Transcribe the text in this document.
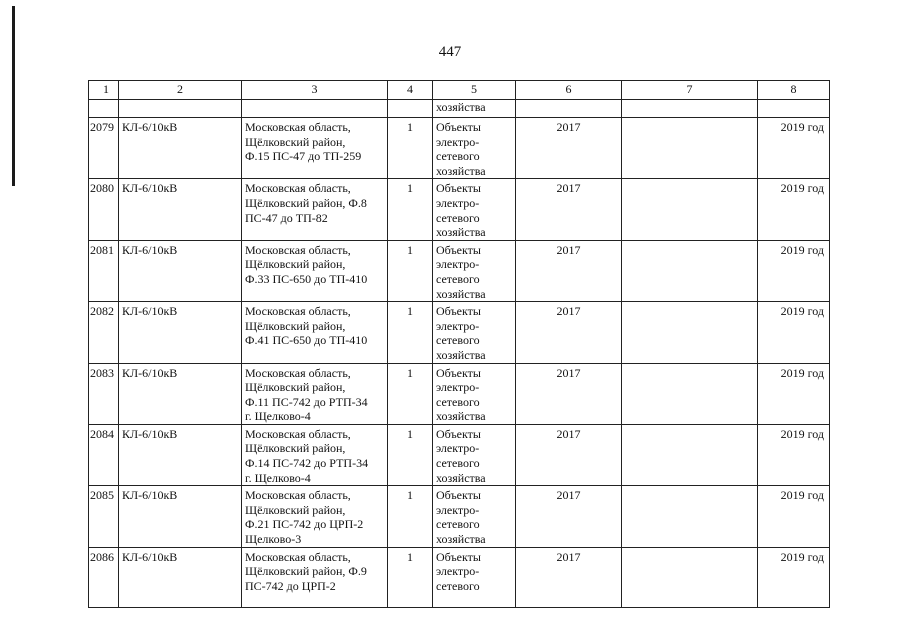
447
1	2	3	4	5	6	7	8
				хозяйства			
2079	КЛ-6/10кВ	Московская область,
Щёлковский район,
Ф.15 ПС-47 до ТП-259	1	Объекты
электро-
сетевого
хозяйства	2017		2019 год
2080	КЛ-6/10кВ	Московская область,
Щёлковский район, Ф.8
ПС-47 до ТП-82	1	Объекты
электро-
сетевого
хозяйства	2017		2019 год
2081	КЛ-6/10кВ	Московская область,
Щёлковский район,
Ф.33 ПС-650 до ТП-410	1	Объекты
электро-
сетевого
хозяйства	2017		2019 год
2082	КЛ-6/10кВ	Московская область,
Щёлковский район,
Ф.41 ПС-650 до ТП-410	1	Объекты
электро-
сетевого
хозяйства	2017		2019 год
2083	КЛ-6/10кВ	Московская область,
Щёлковский район,
Ф.11 ПС-742 до РТП-34
г. Щелково-4	1	Объекты
электро-
сетевого
хозяйства	2017		2019 год
2084	КЛ-6/10кВ	Московская область,
Щёлковский район,
Ф.14 ПС-742 до РТП-34
г. Щелково-4	1	Объекты
электро-
сетевого
хозяйства	2017		2019 год
2085	КЛ-6/10кВ	Московская область,
Щёлковский район,
Ф.21 ПС-742 до ЦРП-2
Щелково-3	1	Объекты
электро-
сетевого
хозяйства	2017		2019 год
2086	КЛ-6/10кВ	Московская область,
Щёлковский район, Ф.9
ПС-742 до ЦРП-2	1	Объекты
электро-
сетевого	2017		2019 год
